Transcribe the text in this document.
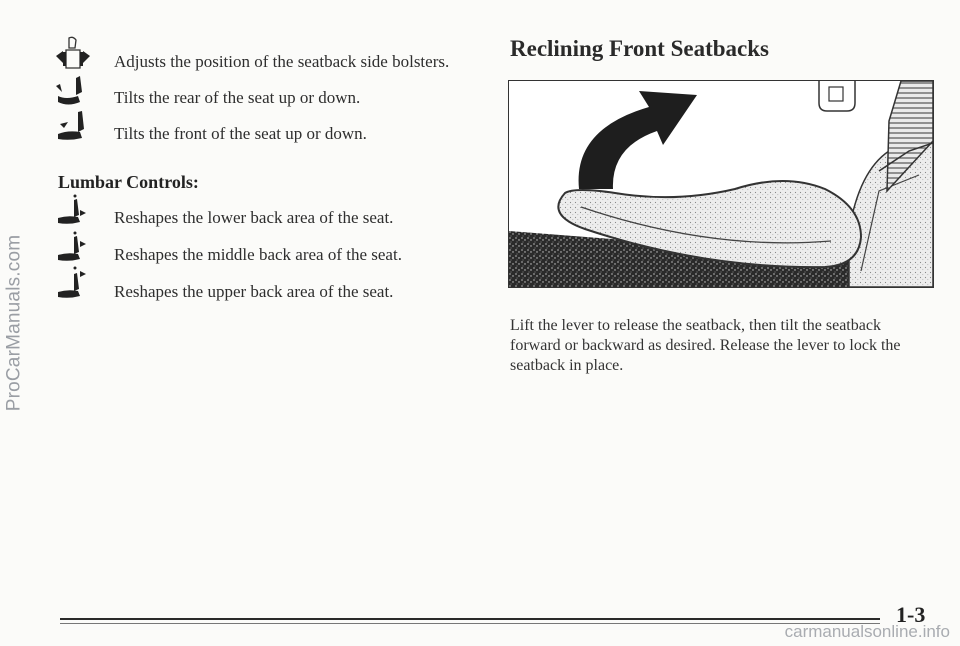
ProCarManuals.com
Adjusts the position of the seatback side bolsters.
Tilts the rear of the seat up or down.
Tilts the front of the seat up or down.
Lumbar Controls:
Reshapes the lower back area of the seat.
Reshapes the middle back area of the seat.
Reshapes the upper back area of the seat.
Reclining Front Seatbacks
Lift the lever to release the seatback, then tilt the seatback forward or backward as desired. Release the lever to lock the seatback in place.
1-3
carmanualsonline.info
